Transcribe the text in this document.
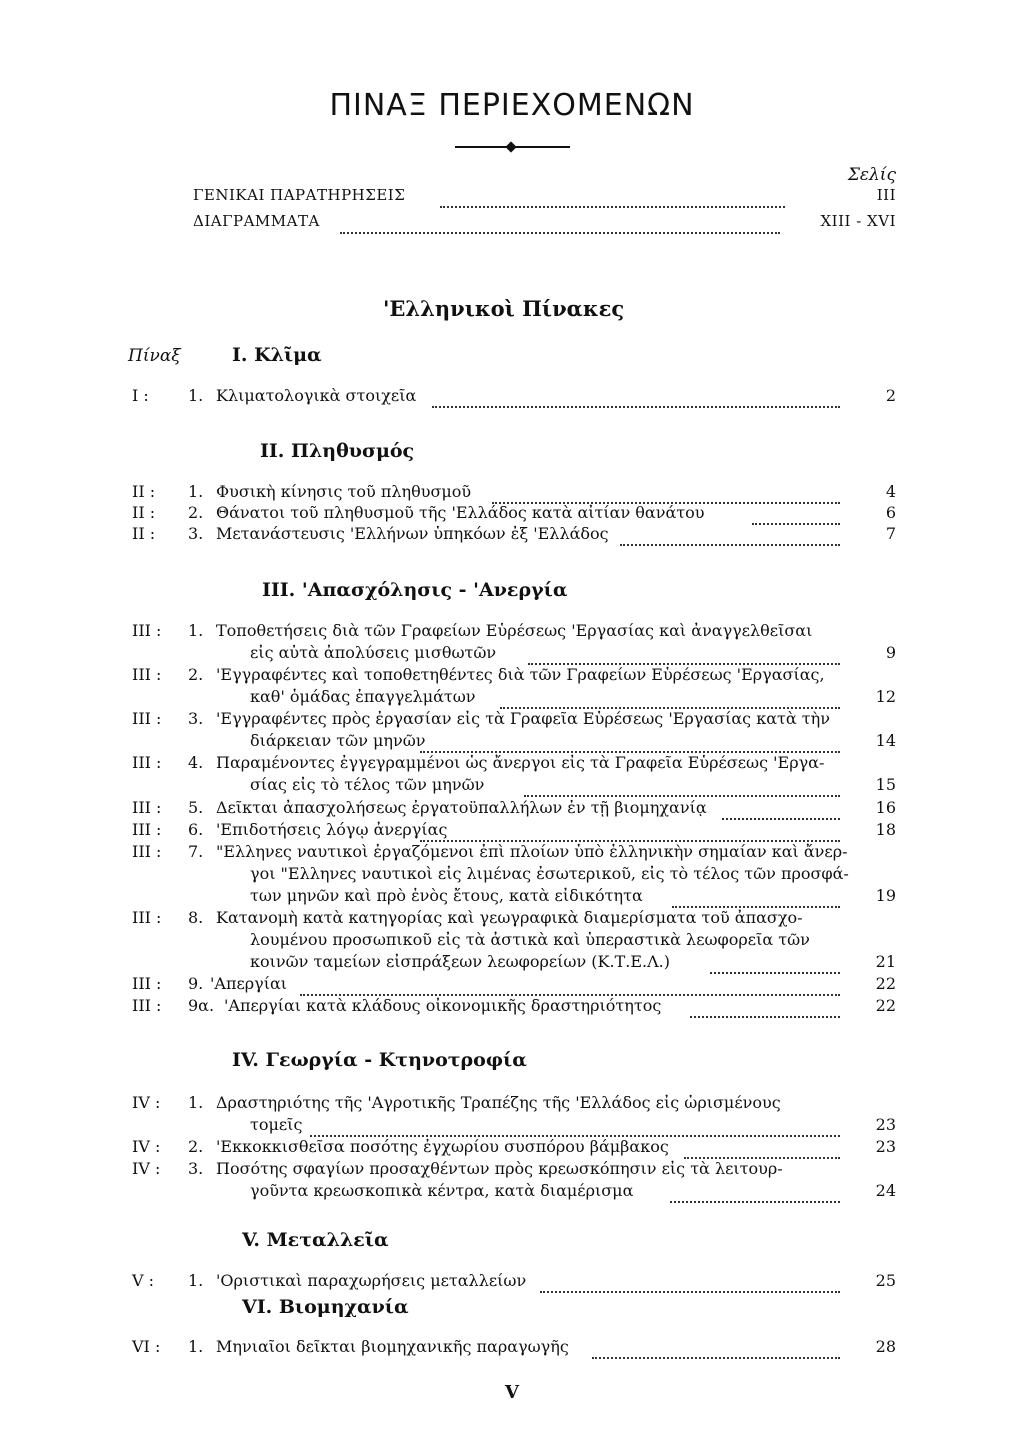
ΠΙΝΑΞ ΠΕΡΙΕΧΟΜΕΝΩΝ
Σελίς
ΓΕΝΙΚΑΙ ΠΑΡΑΤΗΡΗΣΕΙΣ	III
ΔΙΑΓΡΑΜΜΑΤΑ	XIII - XVI
'Ελληνικοὶ Πίνακες
Πίναξ	I. Κλῖμα
I :	1. Κλιματολογικὰ στοιχεῖα	2
II. Πληθυσμός
II :	1. Φυσικὴ κίνησις τοῦ πληθυσμοῦ	4
II :	2. Θάνατοι τοῦ πληθυσμοῦ τῆς 'Ελλάδος κατὰ αἰτίαν θανάτου	6
II :	3. Μετανάστευσις 'Ελλήνων ὑπηκόων ἐξ 'Ελλάδος	7
III. 'Απασχόλησις - 'Ανεργία
III :	1. Τοποθετήσεις διὰ τῶν Γραφείων Εὑρέσεως 'Εργασίας καὶ ἀναγγελθεῖσαι
εἰς αὐτὰ ἀπολύσεις μισθωτῶν	9
III :	2. 'Εγγραφέντες καὶ τοποθετηθέντες διὰ τῶν Γραφείων Εὑρέσεως 'Εργασίας,
καθ' ὁμάδας ἐπαγγελμάτων	12
III :	3. 'Εγγραφέντες πρὸς ἐργασίαν εἰς τὰ Γραφεῖα Εὑρέσεως 'Εργασίας κατὰ τὴν
διάρκειαν τῶν μηνῶν	14
III :	4. Παραμένοντες ἐγγεγραμμένοι ὡς ἄνεργοι εἰς τὰ Γραφεῖα Εὑρέσεως 'Εργα-
σίας εἰς τὸ τέλος τῶν μηνῶν	15
III :	5. Δεῖκται ἀπασχολήσεως ἐργατοϋπαλλήλων ἐν τῇ βιομηχανίᾳ	16
III :	6. 'Επιδοτήσεις λόγῳ ἀνεργίας	18
III :	7. "Ελληνες ναυτικοὶ ἐργαζόμενοι ἐπὶ πλοίων ὑπὸ ἑλληνικὴν σημαίαν καὶ ἄνερ-
γοι "Ελληνες ναυτικοὶ εἰς λιμένας ἐσωτερικοῦ, εἰς τὸ τέλος τῶν προσφά-
των μηνῶν καὶ πρὸ ἑνὸς ἔτους, κατὰ εἰδικότητα	19
III :	8. Κατανομὴ κατὰ κατηγορίας καὶ γεωγραφικὰ διαμερίσματα τοῦ ἀπασχο-
λουμένου προσωπικοῦ εἰς τὰ ἀστικὰ καὶ ὑπεραστικὰ λεωφορεῖα τῶν
κοινῶν ταμείων εἰσπράξεων λεωφορείων (Κ.Τ.Ε.Λ.)	21
III :	9. 'Απεργίαι	22
III :	9α. 'Απεργίαι κατὰ κλάδους οἰκονομικῆς δραστηριότητος	22
IV. Γεωργία - Κτηνοτροφία
IV :	1. Δραστηριότης τῆς 'Αγροτικῆς Τραπέζης τῆς 'Ελλάδος εἰς ὡρισμένους
τομεῖς	23
IV :	2. 'Εκκοκκισθεῖσα ποσότης ἐγχωρίου συσπόρου βάμβακος	23
IV :	3. Ποσότης σφαγίων προσαχθέντων πρὸς κρεωσκόπησιν εἰς τὰ λειτουρ-
γοῦντα κρεωσκοπικὰ κέντρα, κατὰ διαμέρισμα	24
V. Μεταλλεῖα
V :	1. 'Οριστικαὶ παραχωρήσεις μεταλλείων	25
VI. Βιομηχανία
VI :	1. Μηνιαῖοι δεῖκται βιομηχανικῆς παραγωγῆς	28
V
